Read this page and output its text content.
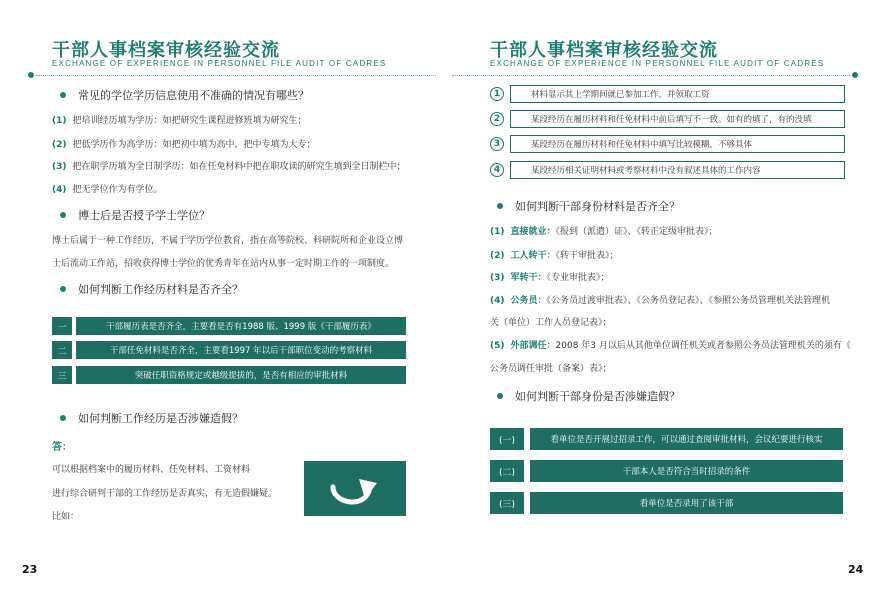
干部人事档案审核经验交流
EXCHANGE OF EXPERIENCE IN PERSONNEL FILE AUDIT OF CADRES
常见的学位学历信息使用不准确的情况有哪些？
(1) 把培训经历填为学历：如把研究生课程进修班填为研究生；
(2) 把低学历作为高学历：如把初中填为高中，把中专填为大专；
(3) 把在职学历填为全日制学历：如在任免材料中把在职攻读的研究生填到全日制栏中；
(4) 把无学位作为有学位。
博士后是否授予学士学位？
博士后属于一种工作经历，不属于学历学位教育，指在高等院校、科研院所和企业设立博
士后流动工作站，招收获得博士学位的优秀青年在站内从事一定时期工作的一项制度。
如何判断工作经历材料是否齐全？
一	干部履历表是否齐全，主要看是否有1988 版、1999 版《干部履历表》
二	干部任免材料是否齐全，主要看1997 年以后干部职位变动的考察材料
三	突破任职资格规定或越级提拔的，是否有相应的审批材料
如何判断工作经历是否涉嫌造假？
答：
可以根据档案中的履历材料、任免材料、工资材料
进行综合研判干部的工作经历是否真实，有无造假嫌疑。
比如：
23
干部人事档案审核经验交流
EXCHANGE OF EXPERIENCE IN PERSONNEL FILE AUDIT OF CADRES
1	材料显示其上学期间就已参加工作，并领取工资
2	某段经历在履历材料和任免材料中前后填写不一致。如有的填了，有的没填
3	某段经历在履历材料和任免材料中填写比较模糊，不够具体
4	某段经历相关证明材料或考察材料中没有叙述具体的工作内容
如何判断干部身份材料是否齐全？
(1) 直接就业：《报到（派遣）证》、《转正定级审批表》；
(2) 工人转干：《转干审批表》；
(3) 军转干：《专业审批表》；
(4) 公务员：《公务员过渡审批表》、《公务员登记表》、《参照公务员管理机关法管理机
关（单位）工作人员登记表》；
(5) 外部调任：2008 年3 月以后从其他单位调任机关或者参照公务员法管理机关的须有《
公务员调任审批（备案）表》；
如何判断干部身份是否涉嫌造假？
(一)	看单位是否开展过招录工作，可以通过查阅审批材料，会议纪要进行核实
(二)	干部本人是否符合当时招录的条件
(三)	看单位是否录用了该干部
24
